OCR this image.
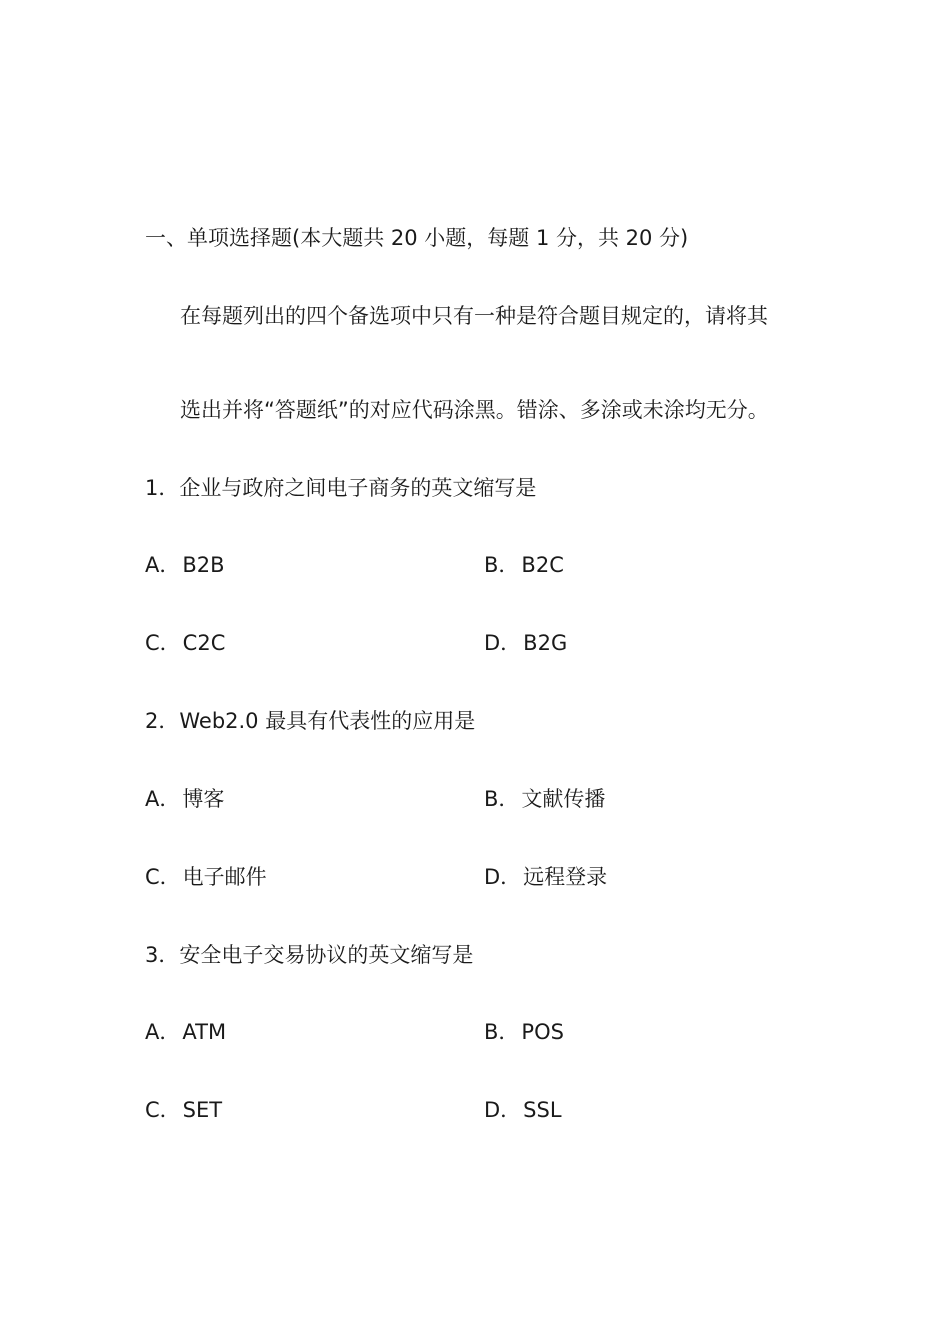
一、单项选择题(本大题共 20 小题，每题 1 分，共 20 分)
在每题列出的四个备选项中只有一种是符合题目规定的，请将其
选出并将“答题纸”的对应代码涂黑。错涂、多涂或未涂均无分。
1．企业与政府之间电子商务的英文缩写是
A．B2B	B．B2C
C．C2C	D．B2G
2．Web2.0 最具有代表性的应用是
A．博客	B．文献传播
C．电子邮件	D．远程登录
3．安全电子交易协议的英文缩写是
A．ATM	B．POS
C．SET	D．SSL
